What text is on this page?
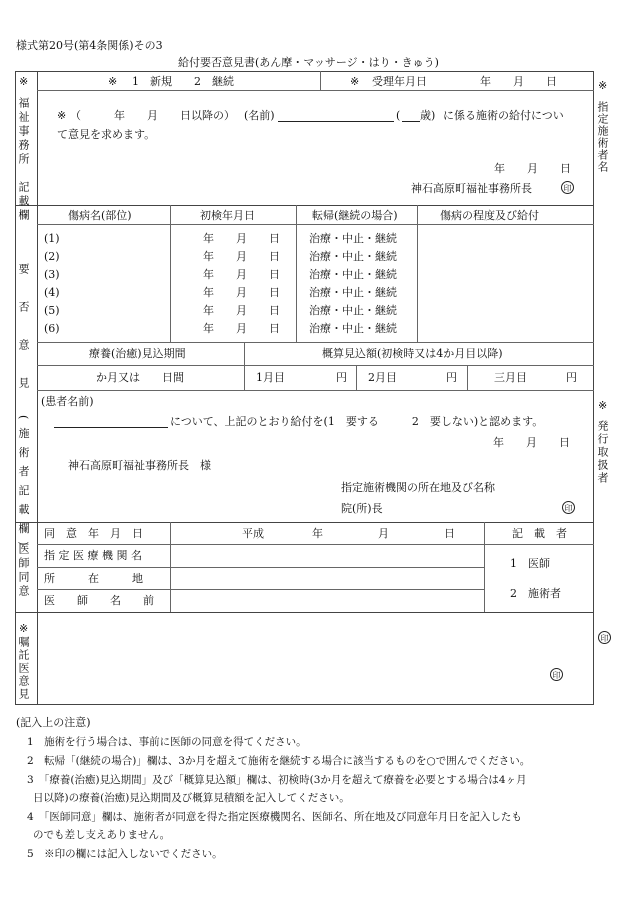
様式第20号(第4条関係)その3
給付要否意見書(あん摩・マッサージ・はり・きゅう)
※
福祉事務所　記載欄
※ 1　新規　　2　継続	※ 受理年月日	年　　月　　日
※ （　　　年　　月　　日以降の） (名前)	( 歳) に係る施術の給付につい
て意見を求めます。
年　　月　　日
神石高原町福祉事務所長	印
要　否　意　見　(施術者記載欄)
傷病名(部位)	初検年月日	転帰(継続の場合)	傷病の程度及び給付
(1)	年　　月　　日	治療・中止・継続
(2)	年　　月　　日	治療・中止・継続
(3)	年　　月　　日	治療・中止・継続
(4)	年　　月　　日	治療・中止・継続
(5)	年　　月　　日	治療・中止・継続
(6)	年　　月　　日	治療・中止・継続
療養(治癒)見込期間	概算見込額(初検時又は4か月目以降)
か月又は　　日間	1月目	円 2月目	円	三月目	円
(患者名前)
について、上記のとおり給付を(1　要する　　　2　要しない)と認めます。
年　　月　　日
神石高原町福祉事務所長　様
指定施術機関の所在地及び名称
院(所)長	印
医師同意
同　意　年　月　日	平成	年　　　　　月　　　　　日
指 定 医 療 機 関 名
所　　　在　　　地
医　　師　　名　　前
記　載　者
1　医師
2　施術者
※
嘱託医意見	印
※
指定施術者名
※
発行取扱者
印
(記入上の注意)
1　施術を行う場合は、事前に医師の同意を得てください。
2　転帰「(継続の場合)」欄は、3か月を超えて施術を継続する場合に該当するものを○で囲んでください。
3　「療養(治癒)見込期間」及び「概算見込額」欄は、初検時(3か月を超えて療養を必要とする場合は4ヶ月
日以降)の療養(治癒)見込期間及び概算見積額を記入してください。
4　「医師同意」欄は、施術者が同意を得た指定医療機関名、医師名、所在地及び同意年月日を記入したも
のでも差し支えありません。
5　※印の欄には記入しないでください。
